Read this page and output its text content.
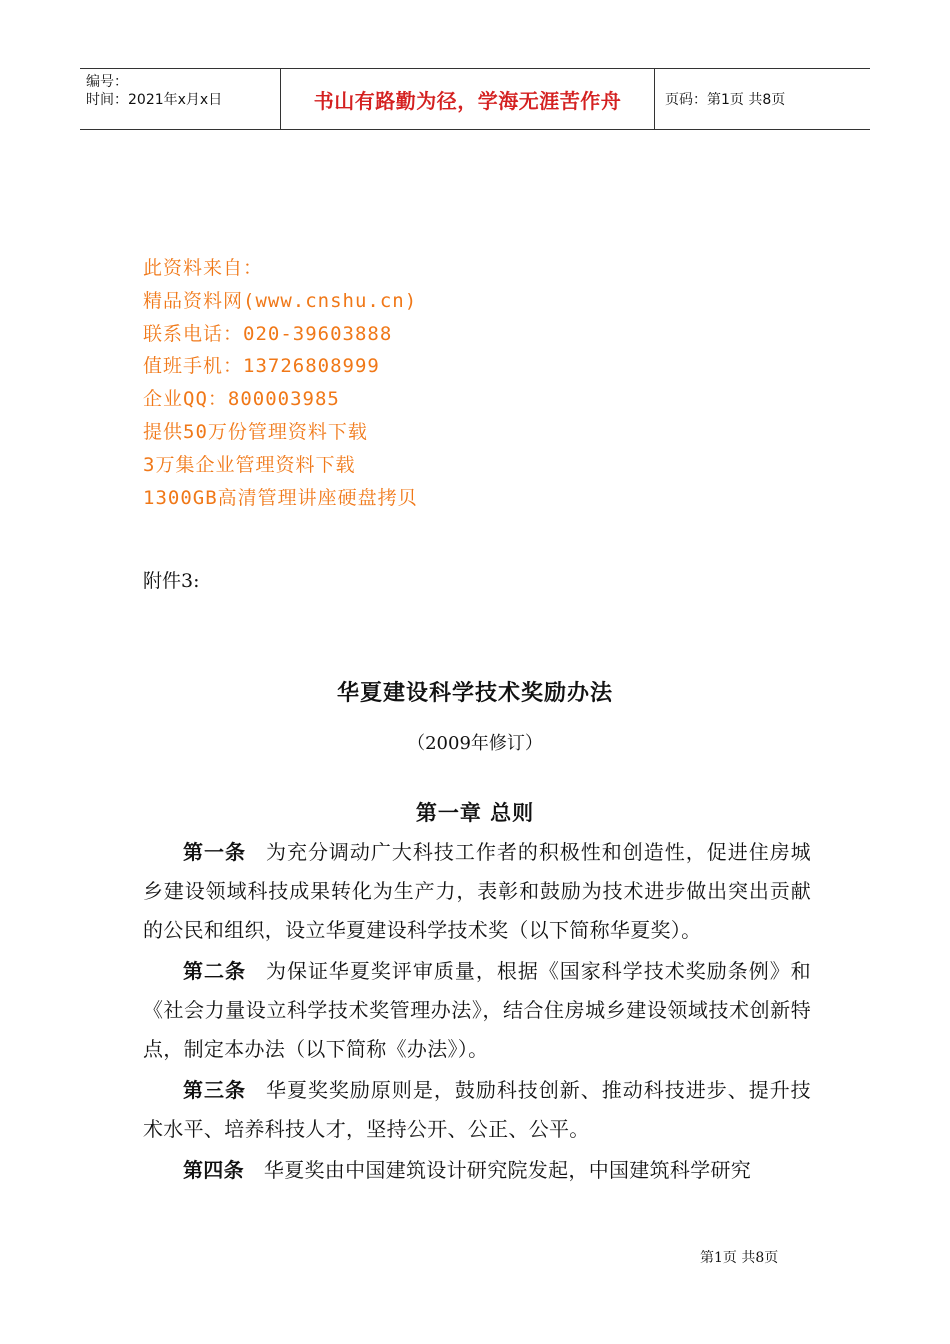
编号：
时间：2021年x月x日	书山有路勤为径，学海无涯苦作舟	页码：第1页 共8页
此资料来自：
精品资料网(www.cnshu.cn)
联系电话：020-39603888
值班手机：13726808999
企业QQ：800003985
提供50万份管理资料下载
3万集企业管理资料下载
1300GB高清管理讲座硬盘拷贝
附件3:
华夏建设科学技术奖励办法
（2009年修订）
第一章 总则

第一条 为充分调动广大科技工作者的积极性和创造性，促进住房城乡建设领域科技成果转化为生产力，表彰和鼓励为技术进步做出突出贡献的公民和组织，设立华夏建设科学技术奖（以下简称华夏奖）。

第二条 为保证华夏奖评审质量，根据《国家科学技术奖励条例》和《社会力量设立科学技术奖管理办法》，结合住房城乡建设领域技术创新特点，制定本办法（以下简称《办法》）。

第三条 华夏奖奖励原则是，鼓励科技创新、推动科技进步、提升技术水平、培养科技人才，坚持公开、公正、公平。

第四条 华夏奖由中国建筑设计研究院发起，中国建筑科学研究

第1页 共8页
